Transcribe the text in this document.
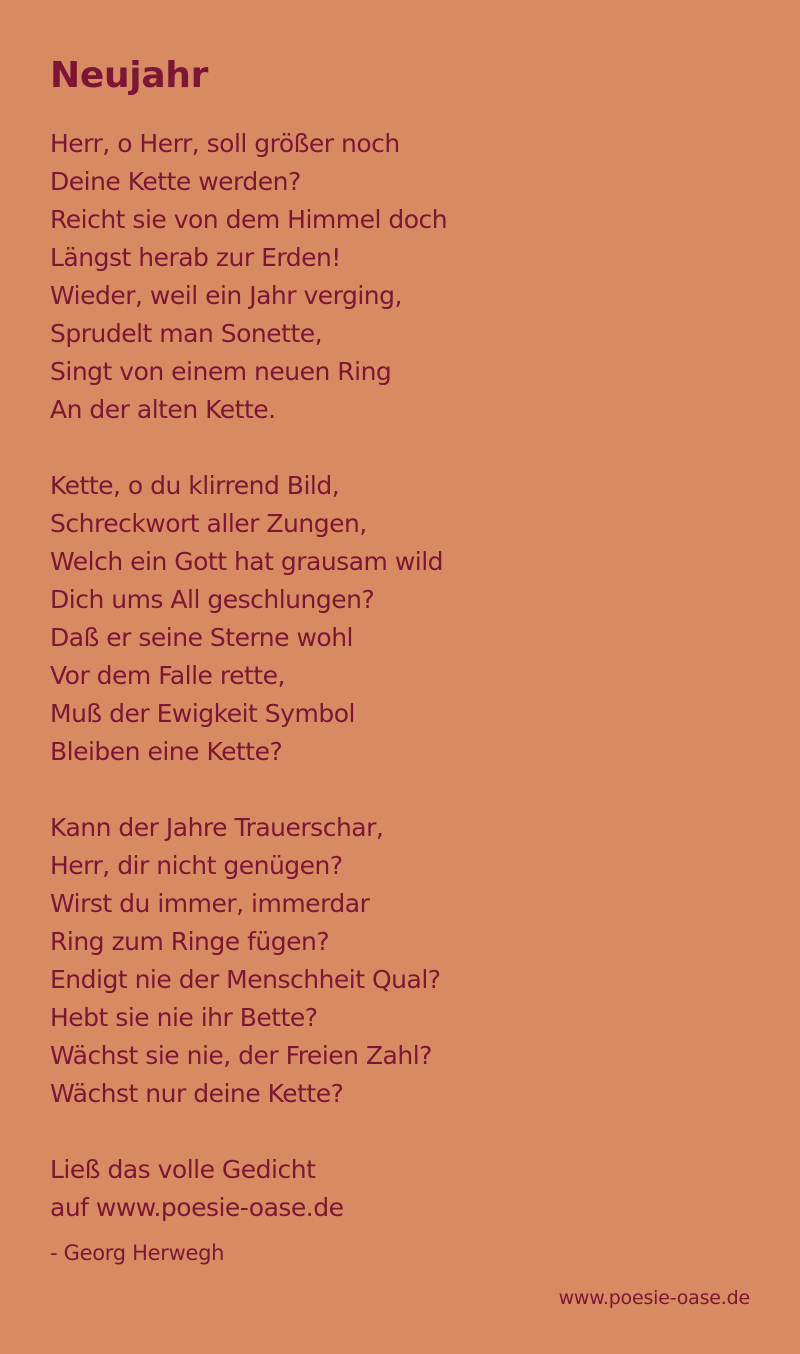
Neujahr
Herr, o Herr, soll größer noch
Deine Kette werden?
Reicht sie von dem Himmel doch
Längst herab zur Erden!
Wieder, weil ein Jahr verging,
Sprudelt man Sonette,
Singt von einem neuen Ring
An der alten Kette.
Kette, o du klirrend Bild,
Schreckwort aller Zungen,
Welch ein Gott hat grausam wild
Dich ums All geschlungen?
Daß er seine Sterne wohl
Vor dem Falle rette,
Muß der Ewigkeit Symbol
Bleiben eine Kette?
Kann der Jahre Trauerschar,
Herr, dir nicht genügen?
Wirst du immer, immerdar
Ring zum Ringe fügen?
Endigt nie der Menschheit Qual?
Hebt sie nie ihr Bette?
Wächst sie nie, der Freien Zahl?
Wächst nur deine Kette?
Ließ das volle Gedicht
auf www.poesie-oase.de
- Georg Herwegh
www.poesie-oase.de
